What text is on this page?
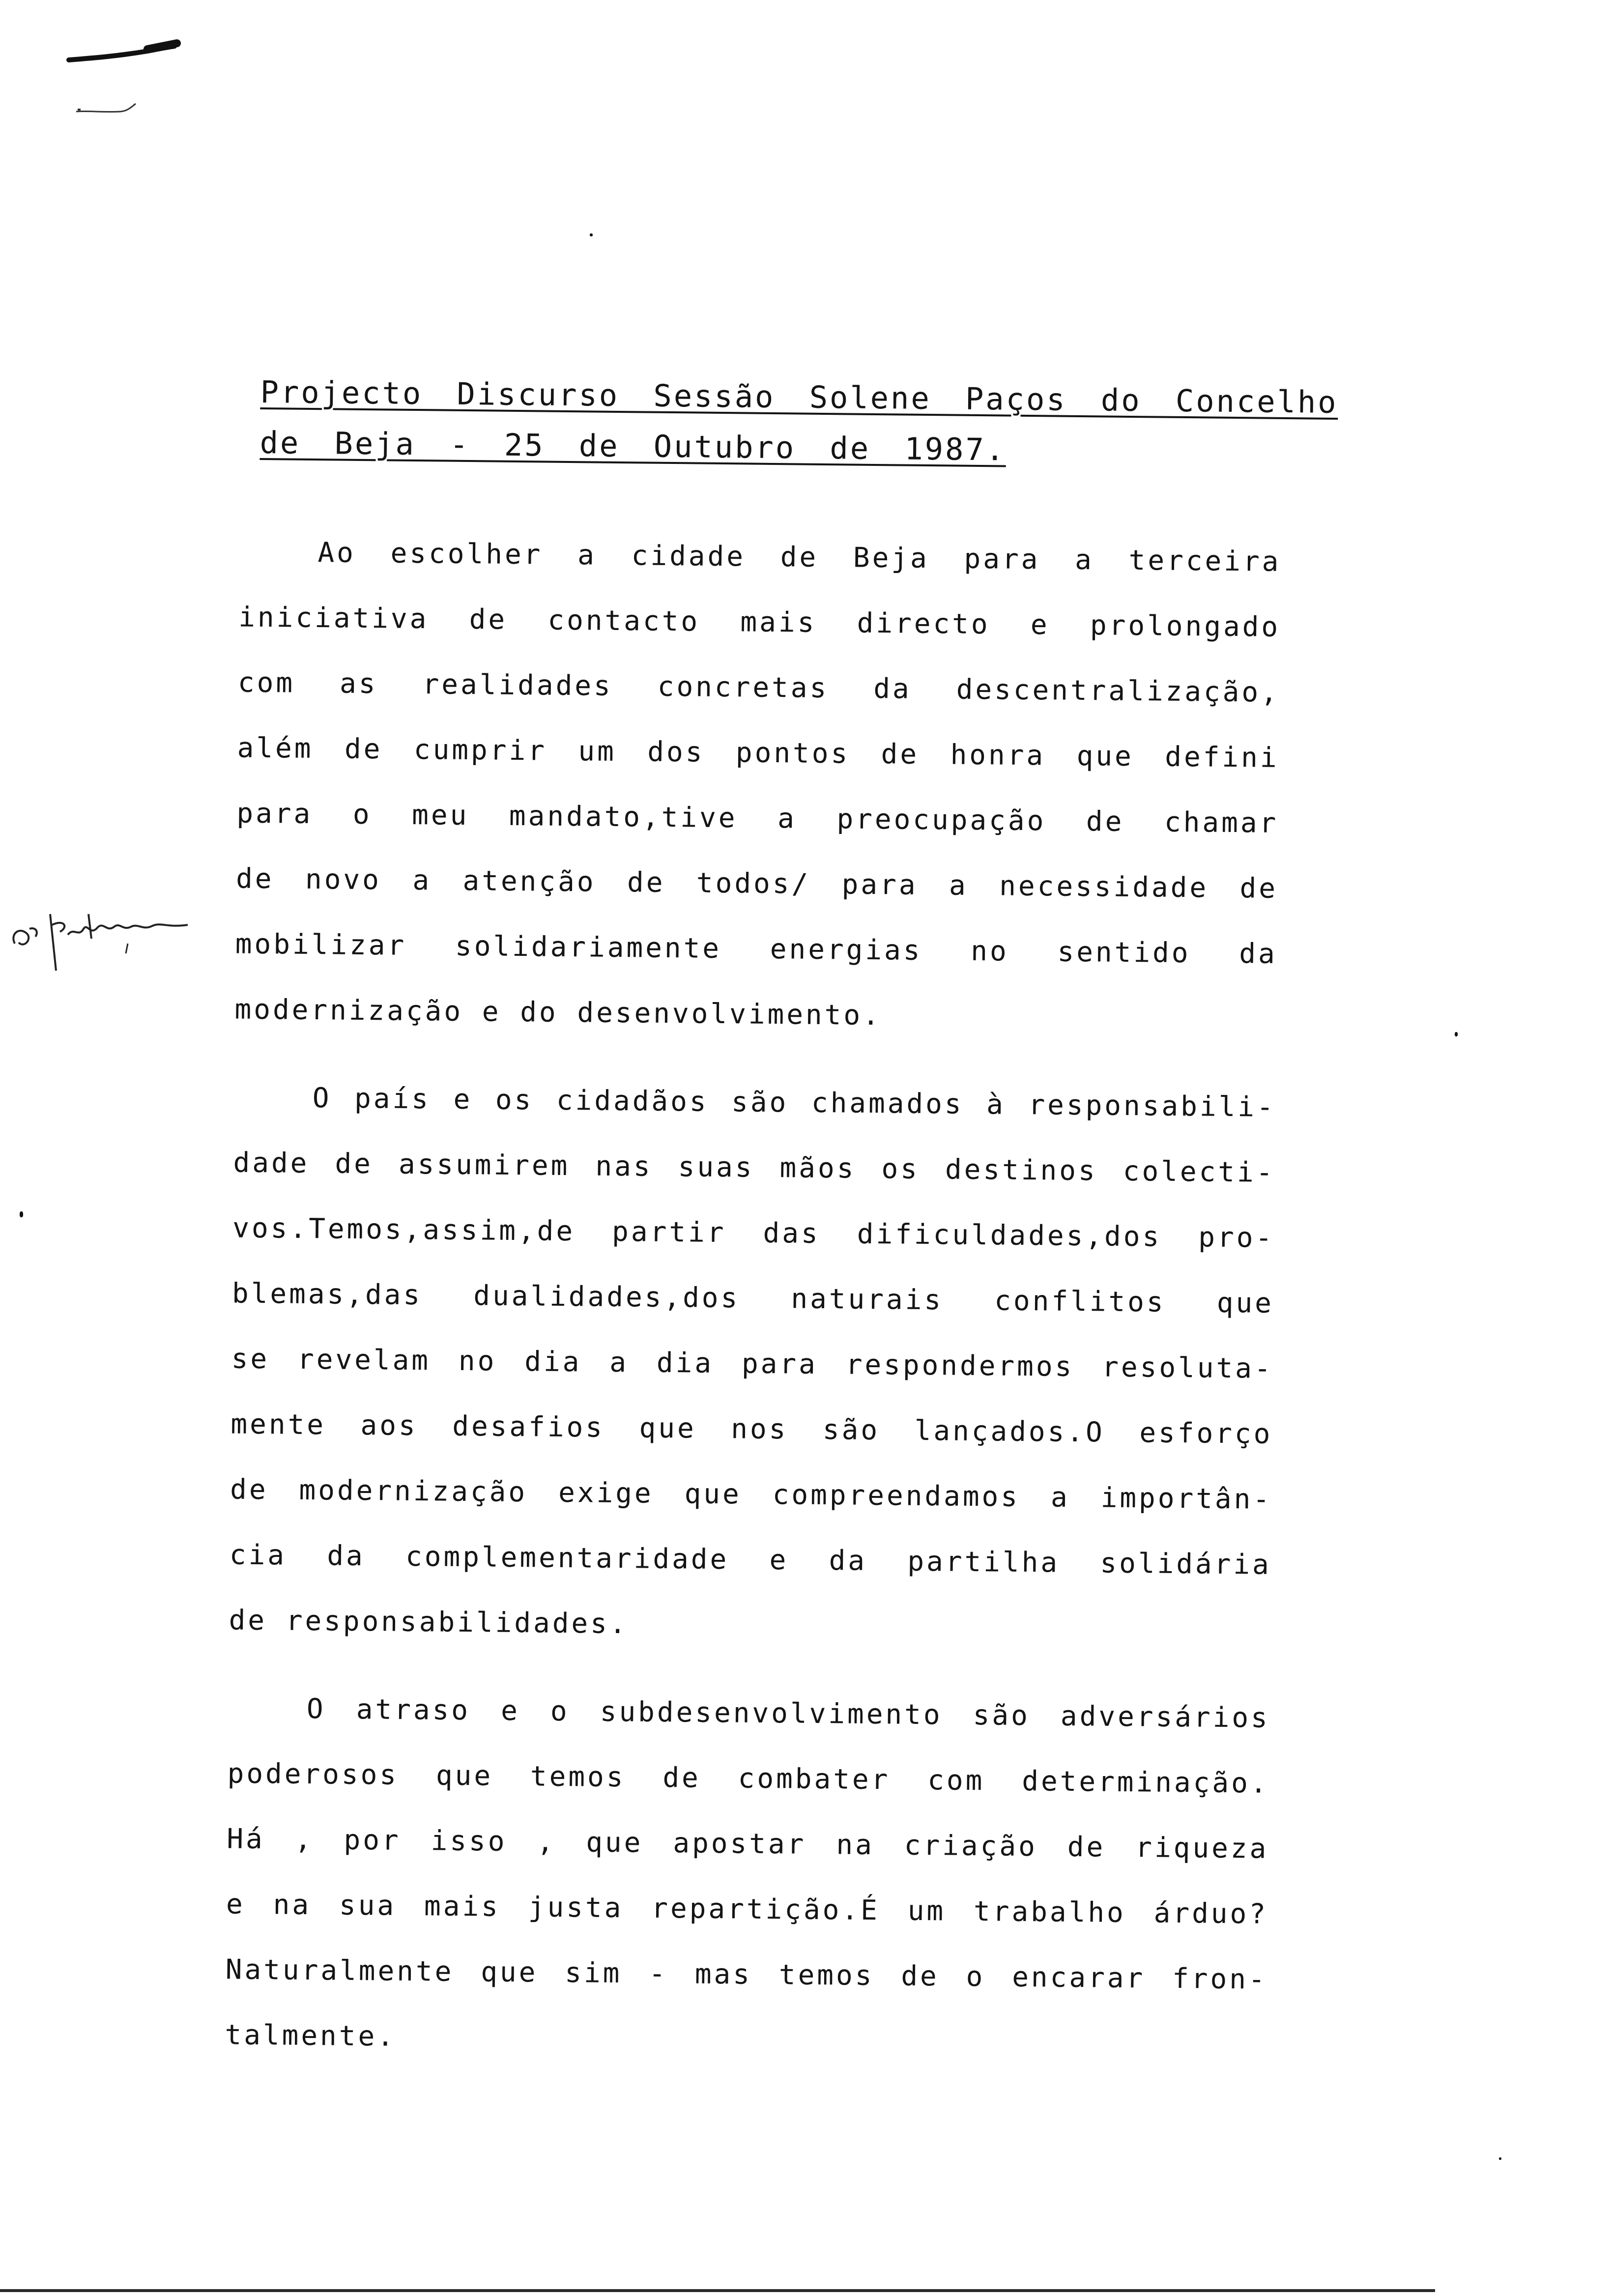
Projecto Discurso Sessão Solene Paços do Concelho
de Beja - 25 de Outubro de 1987.
Ao escolher a cidade de Beja para a terceira
iniciativa de contacto mais directo e prolongado
com as realidades concretas da descentralização,
além de cumprir um dos pontos de honra que defini
para o meu mandato,tive a preocupação de chamar
de novo a atenção de todos/ para a necessidade de
mobilizar solidariamente energias no sentido da
modernização e do desenvolvimento.
O país e os cidadãos são chamados à responsabili-
dade de assumirem nas suas mãos os destinos colecti-
vos.Temos,assim,de partir das dificuldades,dos pro-
blemas,das dualidades,dos naturais conflitos que
se revelam no dia a dia para respondermos resoluta-
mente aos desafios que nos são lançados.O esforço
de modernização exige que compreendamos a importân-
cia da complementaridade e da partilha solidária
de responsabilidades.
O atraso e o subdesenvolvimento são adversários
poderosos que temos de combater com determinação.
Há , por isso , que apostar na criação de riqueza
e na sua mais justa repartição.É um trabalho árduo?
Naturalmente que sim - mas temos de o encarar fron-
talmente.
